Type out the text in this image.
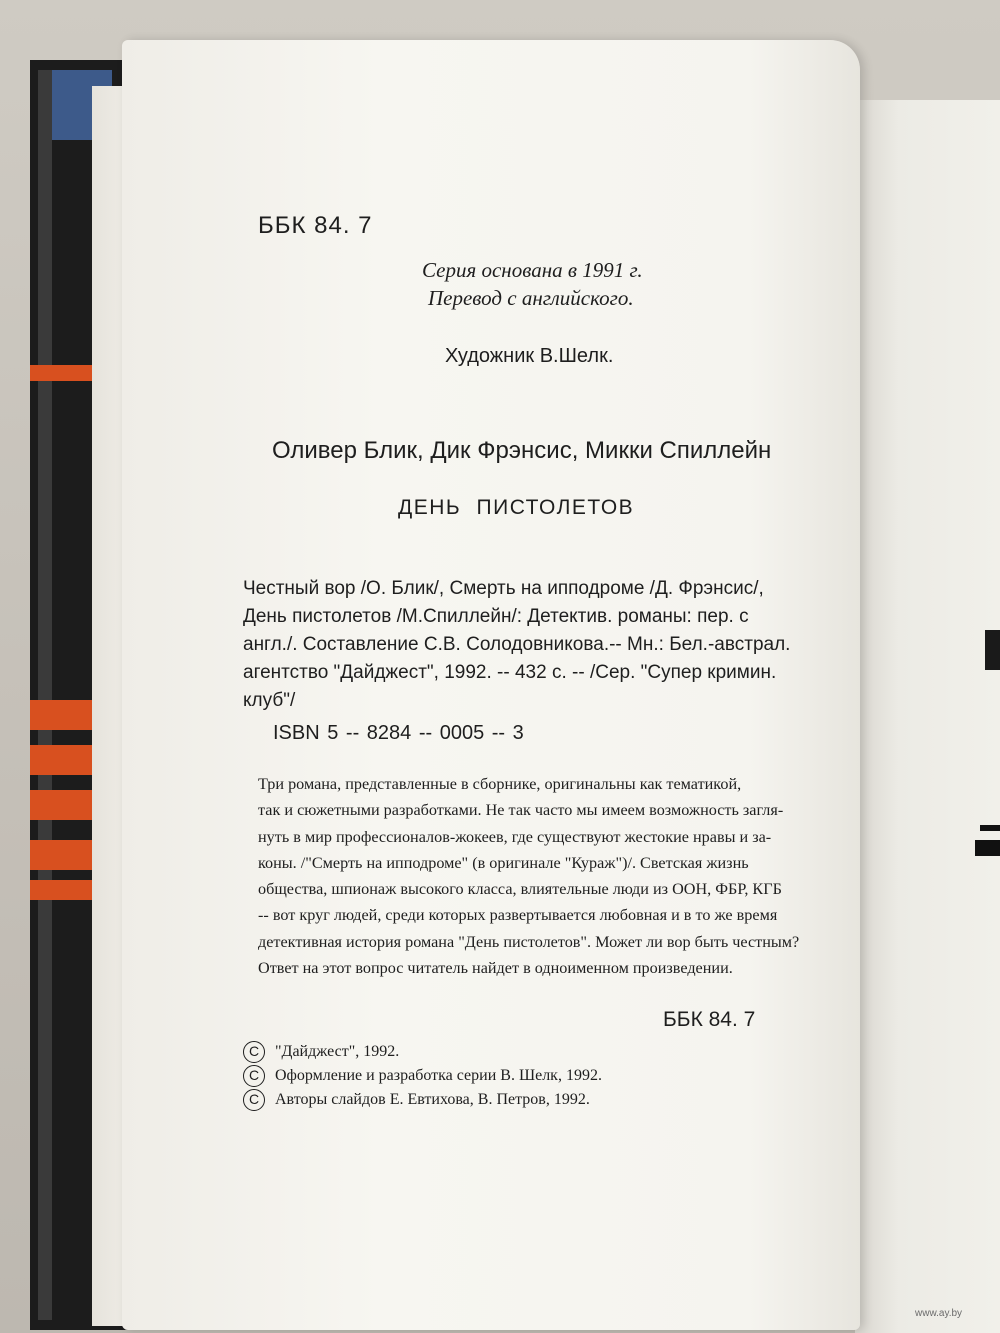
ББК 84. 7
Серия основана в 1991 г.
Перевод с английского.
Художник В.Шелк.
Оливер Блик, Дик Фрэнсис, Микки Спиллейн
ДЕНЬ ПИСТОЛЕТОВ
Честный вор /О. Блик/, Смерть на ипподроме /Д. Фрэнсис/,
День пистолетов /М.Спиллейн/: Детектив. романы: пер. с
англ./. Составление С.В. Солодовникова.-- Мн.: Бел.-австрал.
агентство "Дайджест", 1992. -- 432 с. -- /Сер. "Супер кримин.
клуб"/
ISBN 5 -- 8284 -- 0005 -- 3
Три романа, представленные в сборнике, оригинальны как тематикой,
так и сюжетными разработками. Не так часто мы имеем возможность загля-
нуть в мир профессионалов-жокеев, где существуют жестокие нравы и за-
коны. /"Смерть на ипподроме" (в оригинале "Кураж")/. Светская жизнь
общества, шпионаж высокого класса, влиятельные люди из ООН, ФБР, КГБ
-- вот круг людей, среди которых развертывается любовная и в то же время
детективная история романа "День пистолетов". Может ли вор быть честным?
Ответ на этот вопрос читатель найдет в одноименном произведении.
ББК 84. 7
C "Дайджест", 1992.
C Оформление и разработка серии В. Шелк, 1992.
C Авторы слайдов Е. Евтихова, В. Петров, 1992.
www.ay.by
